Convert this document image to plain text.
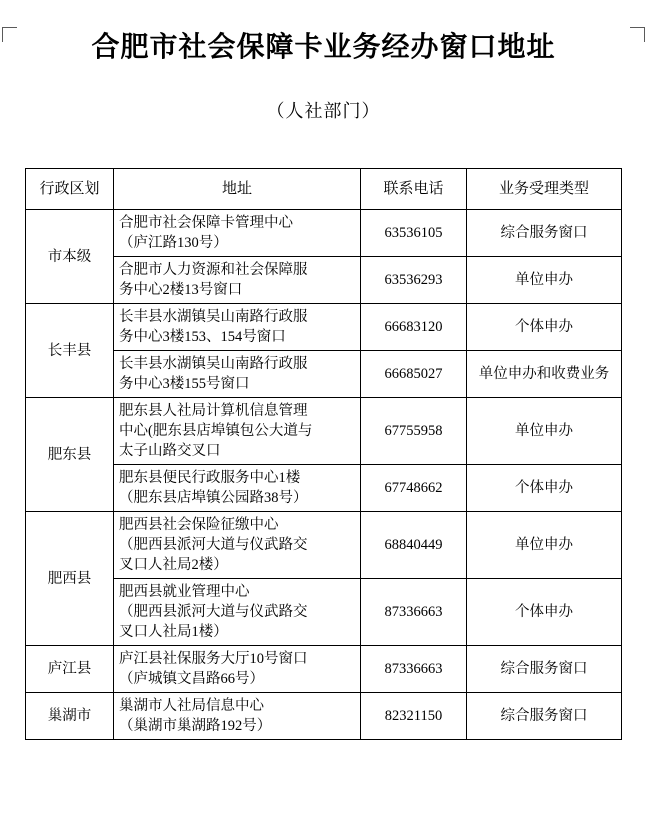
合肥市社会保障卡业务经办窗口地址
（人社部门）
行政区划	地址	联系电话	业务受理类型
市本级	合肥市社会保障卡管理中心
（庐江路130号）	63536105	综合服务窗口

	合肥市人力资源和社会保障服
务中心2楼13号窗口	63536293	单位申办
长丰县	长丰县水湖镇吴山南路行政服
务中心3楼153、154号窗口	66683120	个体申办

	长丰县水湖镇吴山南路行政服
务中心3楼155号窗口	66685027	单位申办和收费业务
肥东县	肥东县人社局计算机信息管理
中心(肥东县店埠镇包公大道与
太子山路交叉口	67755958	单位申办

	肥东县便民行政服务中心1楼
（肥东县店埠镇公园路38号）	67748662	个体申办
肥西县	肥西县社会保险征缴中心
（肥西县派河大道与仪武路交
叉口人社局2楼）	68840449	单位申办

	肥西县就业管理中心
（肥西县派河大道与仪武路交
叉口人社局1楼）	87336663	个体申办
庐江县	庐江县社保服务大厅10号窗口
（庐城镇文昌路66号）	87336663	综合服务窗口
巢湖市	巢湖市人社局信息中心
（巢湖市巢湖路192号）	82321150	综合服务窗口
